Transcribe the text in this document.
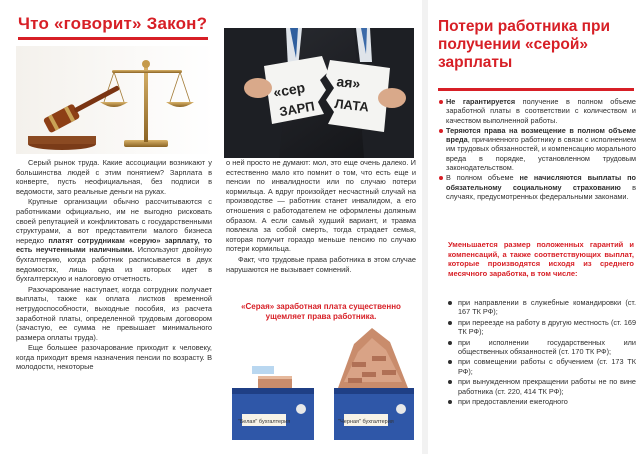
Что «говорит» Закон?
«сер
ЗАРП
ая»
ЛАТА

Серый рынок труда. Какие ассоциации возникают у большинства людей с этим понятием? Зарплата в конверте, пусть неофициальная, без подписи в ведомости, зато реальные деньги на руках.

Крупные организации обычно рассчитываются с работниками официально, им не выгодно рисковать своей репутацией и конфликтовать с государственными структурами, а вот представители малого бизнеса нередко платят сотрудникам «серую» зарплату, то есть неучтенными наличными. Используют двойную бухгалтерию, когда работник расписывается в двух ведомостях, лишь одна из которых идет в бухгалтерскую и налоговую отчетность.

Разочарование наступает, когда сотрудник получает выплаты, также как оплата листков временной нетрудоспособности, выходные пособия, из расчета заработной платы, определенной трудовым договором (зачастую, ее сумма не превышает минимального размера оплаты труда).

Еще большее разочарование приходит к человеку, когда приходит время назначения пенсии по возрасту. В молодости, некоторые

о ней просто не думают: мол, это еще очень далеко. И естественно мало кто помнит о том, что есть еще и пенсии по инвалидности или по случаю потери кормильца. А вдруг произойдет несчастный случай на производстве — работник станет инвалидом, а его отношения с работодателем не оформлены должным образом. А если самый худший вариант, и травма повлекла за собой смерть, тогда страдает семья, которая получит гораздо меньше пенсию по случаю потери кормильца.

Факт, что трудовые права работника в этом случае нарушаются не вызывает сомнений.

«Серая» заработная плата существенно ущемляет права работника.
"Белая" бухгалтерия	"Черная" бухгалтерия
Потери работника при получении «серой» зарплаты

Не гарантируется получение в полном объеме заработной платы в соответствии с количеством и качеством выполненной работы.

Теряются права на возмещение в полном объеме вреда, причиненного работнику в связи с исполнением им трудовых обязанностей, и компенсацию морального вреда в порядке, установленном трудовым законодательством.

В полном объеме не начисляются выплаты по обязательному социальному страхованию в случаях, предусмотренных федеральными законами.

Уменьшается размер положенных гарантий и компенсаций, а также соответствующих выплат, которые производятся исходя из среднего месячного заработка, в том числе:
при направлении в служебные командировки (ст. 167 ТК РФ);
при переезде на работу в другую местность (ст. 169 ТК РФ);
при исполнении государственных или общественных обязанностей (ст. 170 ТК РФ);
при совмещении работы с обучением (ст. 173 ТК РФ);
при вынужденном прекращении работы не по вине работника (ст. 220, 414 ТК РФ);
при предоставлении ежегодного
